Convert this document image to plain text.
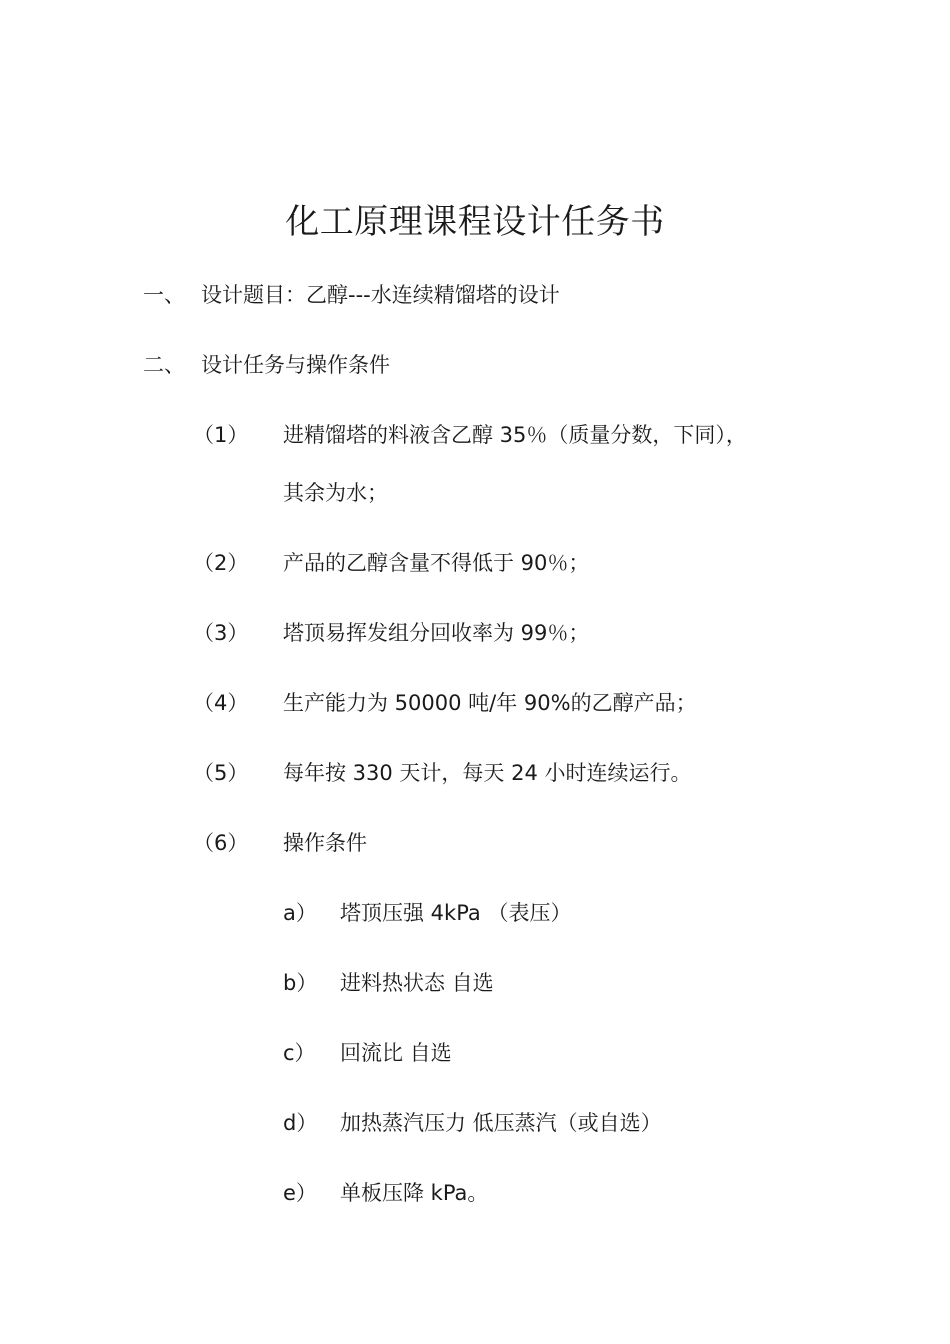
化工原理课程设计任务书
一、 设计题目：乙醇---水连续精馏塔的设计
二、 设计任务与操作条件
（1） 进精馏塔的料液含乙醇 35％（质量分数，下同），
其余为水；
（2） 产品的乙醇含量不得低于 90％；
（3） 塔顶易挥发组分回收率为 99％；
（4） 生产能力为 50000 吨/年 90%的乙醇产品；
（5） 每年按 330 天计，每天 24 小时连续运行。
（6） 操作条件
a） 塔顶压强 4kPa （表压）
b） 进料热状态 自选
c） 回流比 自选
d） 加热蒸汽压力 低压蒸汽（或自选）
e） 单板压降 kPa。
